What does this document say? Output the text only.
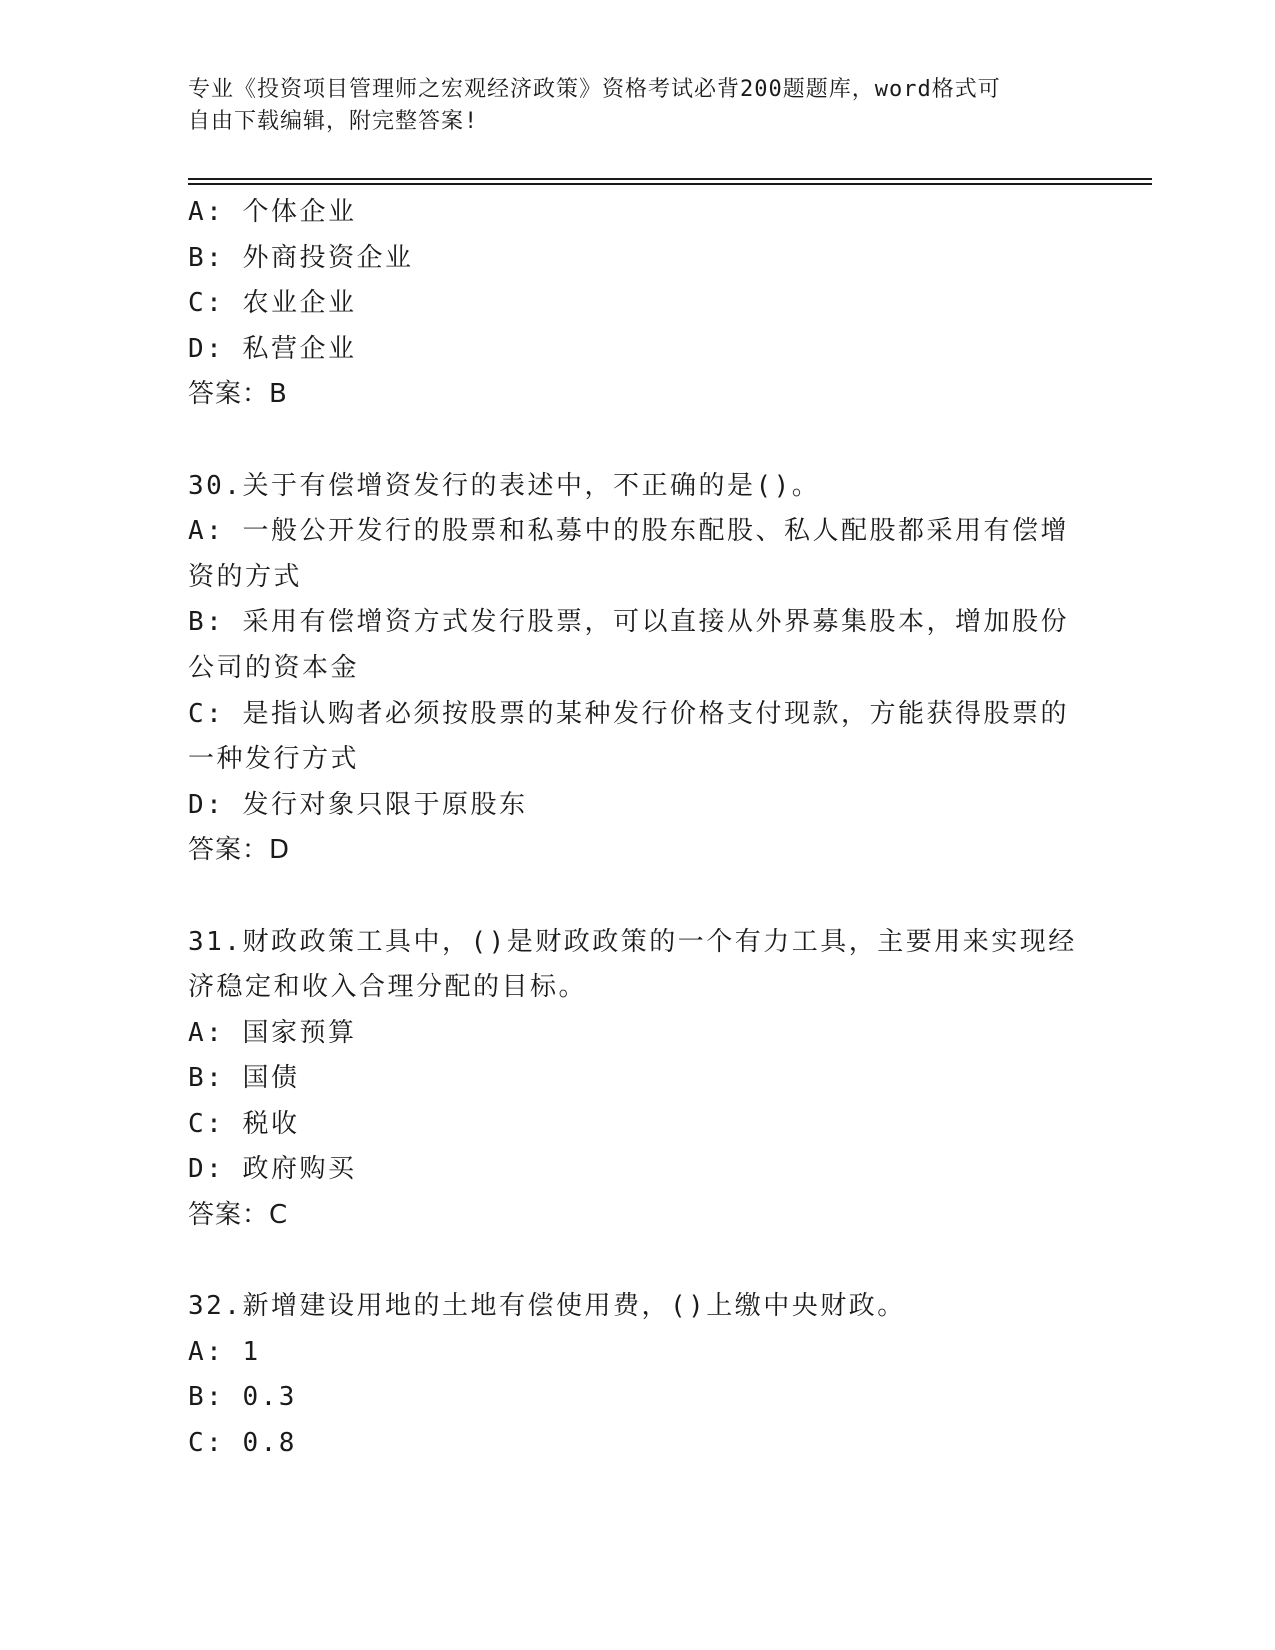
专业《投资项目管理师之宏观经济政策》资格考试必背200题题库，word格式可
自由下载编辑，附完整答案!
A: 个体企业
B: 外商投资企业
C: 农业企业
D: 私营企业
答案：B
30.关于有偿增资发行的表述中，不正确的是()。
A: 一般公开发行的股票和私募中的股东配股、私人配股都采用有偿增
资的方式
B: 采用有偿增资方式发行股票，可以直接从外界募集股本，增加股份
公司的资本金
C: 是指认购者必须按股票的某种发行价格支付现款，方能获得股票的
一种发行方式
D: 发行对象只限于原股东
答案：D
31.财政政策工具中，()是财政政策的一个有力工具，主要用来实现经
济稳定和收入合理分配的目标。
A: 国家预算
B: 国债
C: 税收
D: 政府购买
答案：C
32.新增建设用地的土地有偿使用费，()上缴中央财政。
A: 1
B: 0.3
C: 0.8
